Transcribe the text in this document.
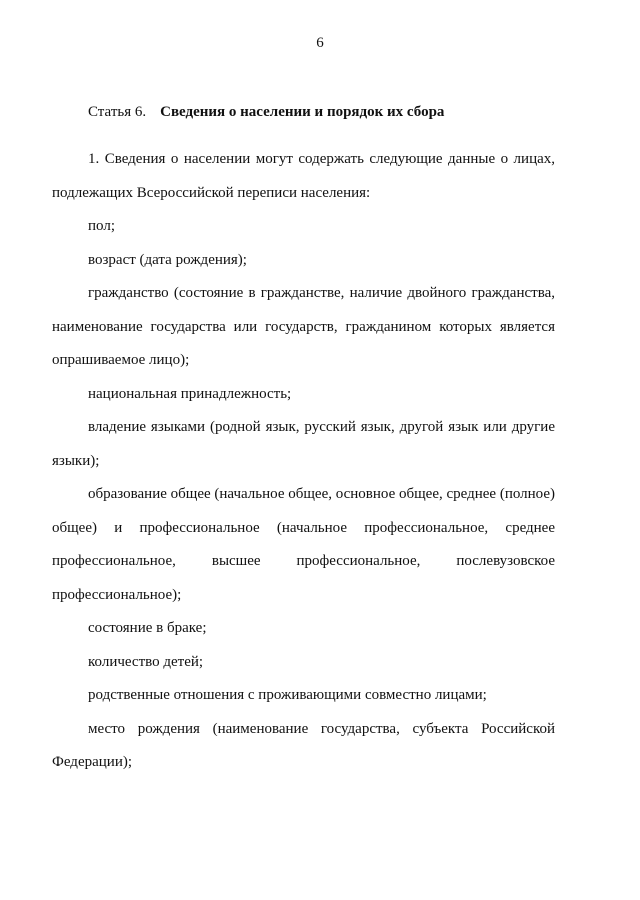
6
Статья 6. Сведения о населении и порядок их сбора

1. Сведения о населении могут содержать следующие данные о лицах, подлежащих Всероссийской переписи населения:

пол;

возраст (дата рождения);

гражданство (состояние в гражданстве, наличие двойного гражданства, наименование государства или государств, гражданином которых является опрашиваемое лицо);

национальная принадлежность;

владение языками (родной язык, русский язык, другой язык или другие языки);

образование общее (начальное общее, основное общее, среднее (полное) общее) и профессиональное (начальное профессиональное, среднее профессиональное, высшее профессиональное, послевузовское профессиональное);

состояние в браке;

количество детей;

родственные отношения с проживающими совместно лицами;

место рождения (наименование государства, субъекта Российской Федерации);
